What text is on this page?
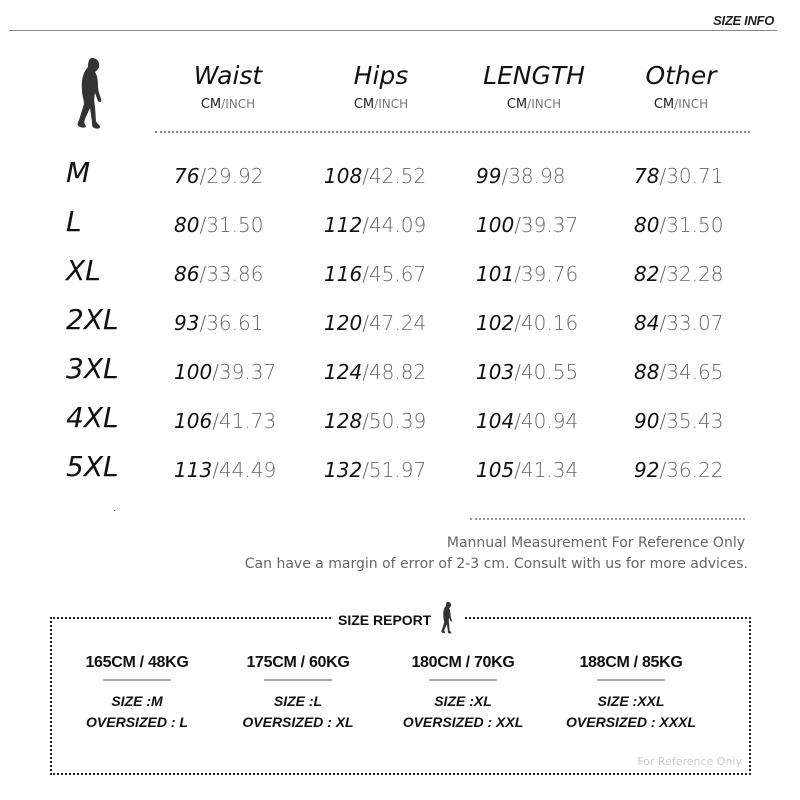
SIZE INFO
Waist
CM/INCH
Hips
CM/INCH
LENGTH
CM/INCH
Other
CM/INCH
M	76/29.92	108/42.52 99/38.98	78/30.71
L	80/31.50	112/44.09 100/39.37	80/31.50
XL	86/33.86	116/45.67 101/39.76	82/32.28
2XL	93/36.61	120/47.24 102/40.16	84/33.07
3XL	100/39.37 124/48.82 103/40.55	88/34.65
4XL	106/41.73 128/50.39 104/40.94	90/35.43
5XL	113/44.49 132/51.97 105/41.34	92/36.22
Mannual Measurement For Reference Only
Can have a margin of error of 2-3 cm. Consult with us for more advices.
SIZE REPORT
165CM / 48KG
SIZE :M
OVERSIZED : L
175CM / 60KG
SIZE :L
OVERSIZED : XL
180CM / 70KG
SIZE :XL
OVERSIZED : XXL
188CM / 85KG
SIZE :XXL
OVERSIZED : XXXL
For Reference Only
